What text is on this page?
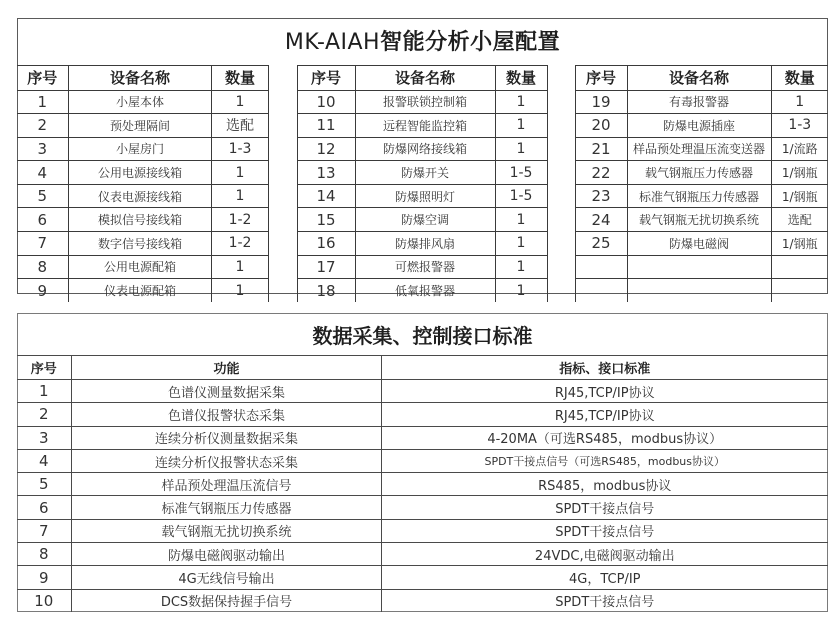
MK-AIAH智能分析小屋配置
序号	设备名称	数量
1	小屋本体	1
2	预处理隔间	选配
3	小屋房门	1-3
4	公用电源接线箱	1
5	仪表电源接线箱	1
6	模拟信号接线箱	1-2
7	数字信号接线箱	1-2
8	公用电源配箱	1
9	仪表电源配箱	1
序号	设备名称	数量
10	报警联锁控制箱	1
11	远程智能监控箱	1
12	防爆网络接线箱	1
13	防爆开关	1-5
14	防爆照明灯	1-5
15	防爆空调	1
16	防爆排风扇	1
17	可燃报警器	1
18	低氧报警器	1
序号	设备名称	数量
19	有毒报警器	1
20	防爆电源插座	1-3
21	样品预处理温压流变送器	1/流路
22	载气钢瓶压力传感器	1/钢瓶
23	标准气钢瓶压力传感器	1/钢瓶
24	载气钢瓶无扰切换系统	选配
25	防爆电磁阀	1/钢瓶

数据采集、控制接口标准
序号	功能	指标、接口标准
1	色谱仪测量数据采集	RJ45,TCP/IP协议
2	色谱仪报警状态采集	RJ45,TCP/IP协议
3	连续分析仪测量数据采集	4-20MA（可选RS485，modbus协议）
4	连续分析仪报警状态采集	SPDT干接点信号（可选RS485，modbus协议）
5	样品预处理温压流信号	RS485，modbus协议
6	标准气钢瓶压力传感器	SPDT干接点信号
7	载气钢瓶无扰切换系统	SPDT干接点信号
8	防爆电磁阀驱动输出	24VDC,电磁阀驱动输出
9	4G无线信号输出	4G，TCP/IP
10	DCS数据保持握手信号	SPDT干接点信号
